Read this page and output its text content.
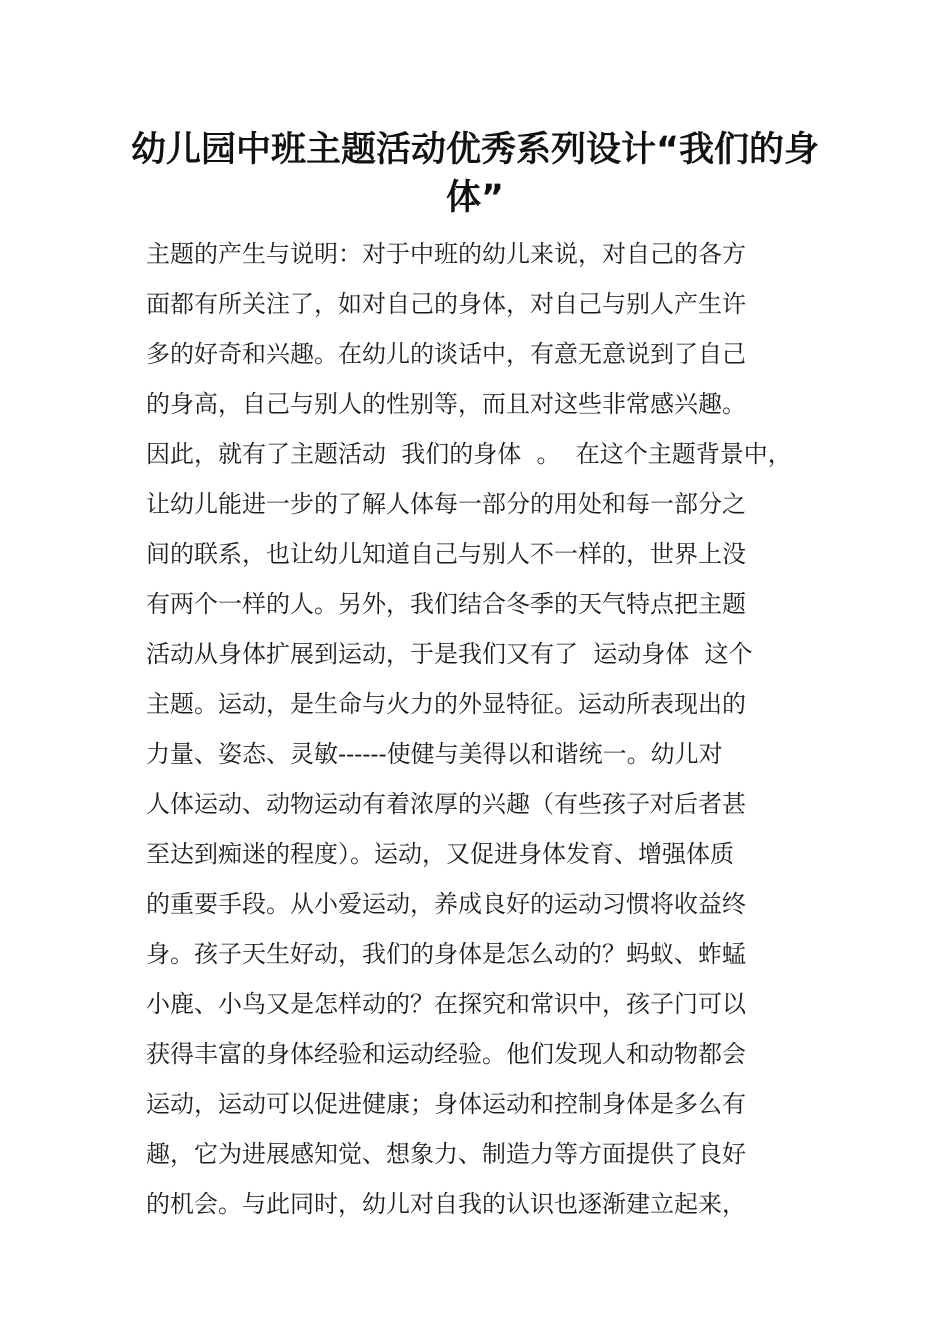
幼儿园中班主题活动优秀系列设计“我们的身体”
主题的产生与说明：对于中班的幼儿来说，对自己的各方
面都有所关注了，如对自己的身体，对自己与别人产生许
多的好奇和兴趣。在幼儿的谈话中，有意无意说到了自己
的身高，自己与别人的性别等，而且对这些非常感兴趣。
因此，就有了主题活动  我们的身体  。  在这个主题背景中，
让幼儿能进一步的了解人体每一部分的用处和每一部分之
间的联系，也让幼儿知道自己与别人不一样的，世界上没
有两个一样的人。另外，我们结合冬季的天气特点把主题
活动从身体扩展到运动，于是我们又有了  运动身体  这个
主题。运动，是生命与火力的外显特征。运动所表现出的
力量、姿态、灵敏------使健与美得以和谐统一。幼儿对
人体运动、动物运动有着浓厚的兴趣（有些孩子对后者甚
至达到痴迷的程度）。运动，又促进身体发育、增强体质
的重要手段。从小爱运动，养成良好的运动习惯将收益终
身。孩子天生好动，我们的身体是怎么动的？蚂蚁、蚱蜢
小鹿、小鸟又是怎样动的？在探究和常识中，孩子门可以
获得丰富的身体经验和运动经验。他们发现人和动物都会
运动，运动可以促进健康；身体运动和控制身体是多么有
趣，它为进展感知觉、想象力、制造力等方面提供了良好
的机会。与此同时，幼儿对自我的认识也逐渐建立起来，
